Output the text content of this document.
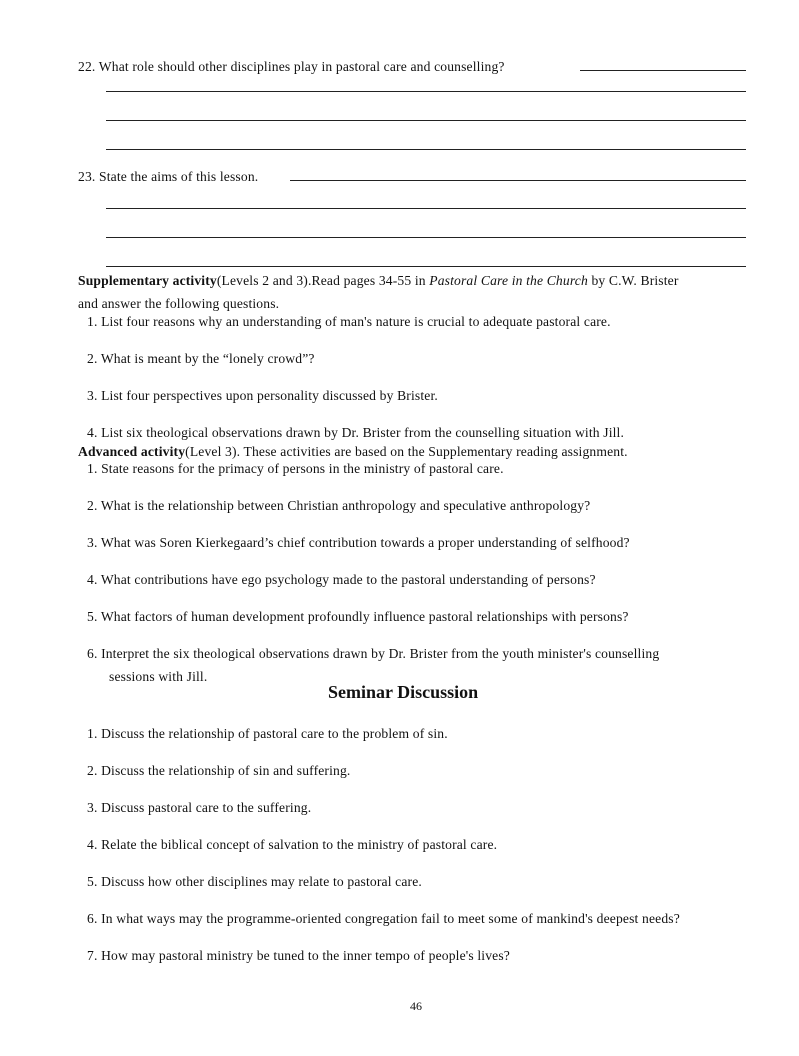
22. What role should other disciplines play in pastoral care and counselling?
23. State the aims of this lesson.
Supplementary activity(Levels 2 and 3).Read pages 34-55 in Pastoral Care in the Church by C.W. Brister
and answer the following questions.
1. List four reasons why an understanding of man's nature is crucial to adequate pastoral care.
2. What is meant by the “lonely crowd”?
3. List four perspectives upon personality discussed by Brister.
4. List six theological observations drawn by Dr. Brister from the counselling situation with Jill.
Advanced activity(Level 3). These activities are based on the Supplementary reading assignment.
1. State reasons for the primacy of persons in the ministry of pastoral care.
2. What is the relationship between Christian anthropology and speculative anthropology?
3. What was Soren Kierkegaard’s chief contribution towards a proper understanding of selfhood?
4. What contributions have ego psychology made to the pastoral understanding of persons?
5. What factors of human development profoundly influence pastoral relationships with persons?
6. Interpret the six theological observations drawn by Dr. Brister from the youth minister's counselling
sessions with Jill.
Seminar Discussion
1. Discuss the relationship of pastoral care to the problem of sin.
2. Discuss the relationship of sin and suffering.
3. Discuss pastoral care to the suffering.
4. Relate the biblical concept of salvation to the ministry of pastoral care.
5. Discuss how other disciplines may relate to pastoral care.
6. In what ways may the programme-oriented congregation fail to meet some of mankind's deepest needs?
7. How may pastoral ministry be tuned to the inner tempo of people's lives?
46
